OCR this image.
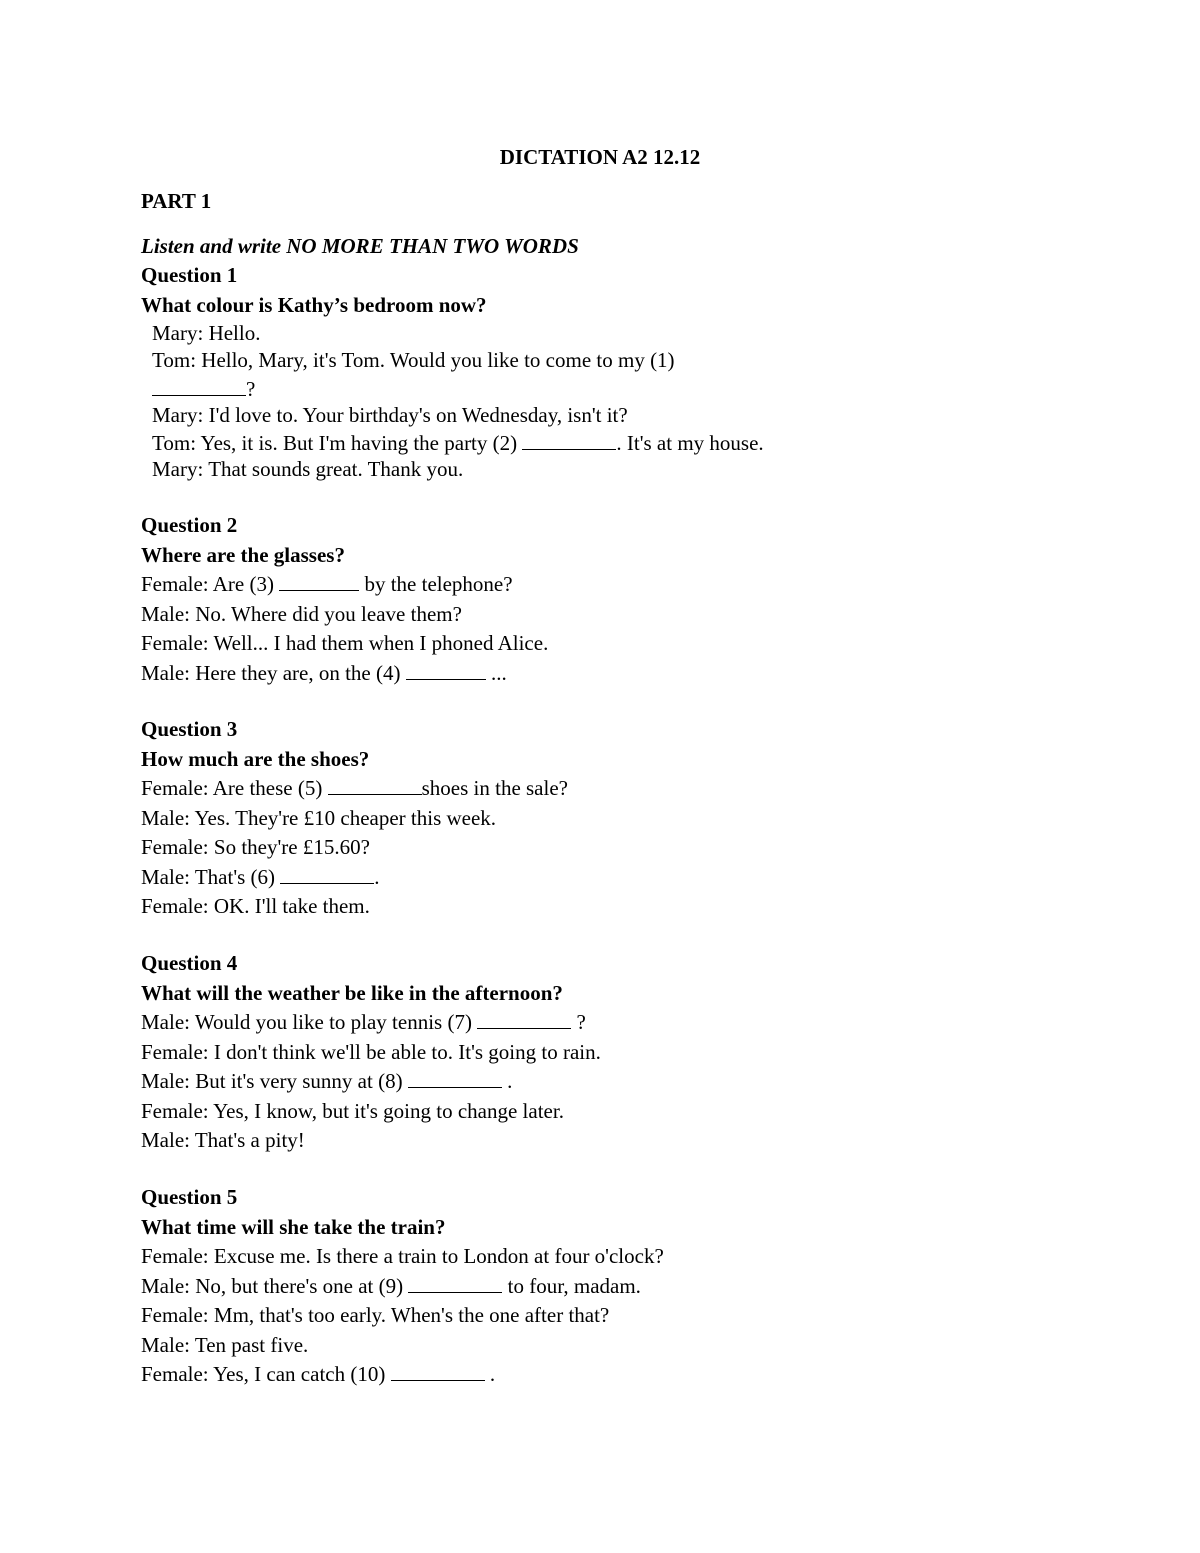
DICTATION A2 12.12
PART 1
Listen and write NO MORE THAN TWO WORDS
Question 1
What colour is Kathy’s bedroom now?
Mary: Hello.
Tom: Hello, Mary, it's Tom. Would you like to come to my (1)
?
Mary: I'd love to. Your birthday's on Wednesday, isn't it?
Tom: Yes, it is. But I'm having the party (2)	. It's at my house.
Mary: That sounds great. Thank you.
Question 2
Where are the glasses?
Female: Are (3)	by the telephone?
Male: No. Where did you leave them?
Female: Well... I had them when I phoned Alice.
Male: Here they are, on the (4)	...
Question 3
How much are the shoes?
Female: Are these (5)	shoes in the sale?
Male: Yes. They're £10 cheaper this week.
Female: So they're £15.60?
Male: That's (6)	.
Female: OK. I'll take them.
Question 4
What will the weather be like in the afternoon?
Male: Would you like to play tennis (7)	?
Female: I don't think we'll be able to. It's going to rain.
Male: But it's very sunny at (8)	.
Female: Yes, I know, but it's going to change later.
Male: That's a pity!
Question 5
What time will she take the train?
Female: Excuse me. Is there a train to London at four o'clock?
Male: No, but there's one at (9)	to four, madam.
Female: Mm, that's too early. When's the one after that?
Male: Ten past five.
Female: Yes, I can catch (10)	.
